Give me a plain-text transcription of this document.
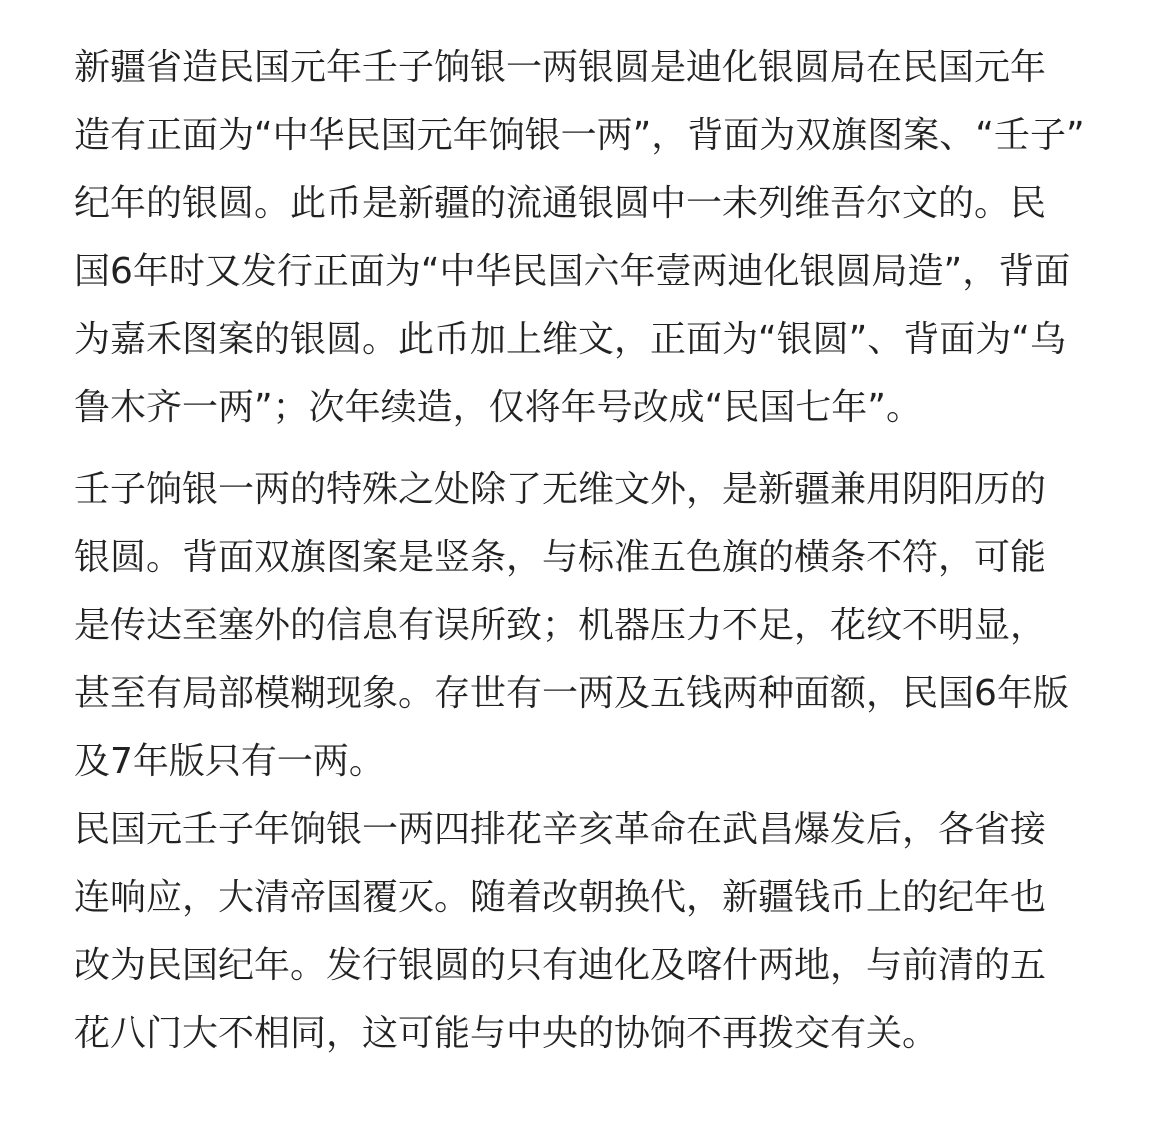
新疆省造民国元年壬子饷银一两银圆是迪化银圆局在民国元年
造有正面为“中华民国元年饷银一两”，背面为双旗图案、“壬子”
纪年的银圆。此币是新疆的流通银圆中一未列维吾尔文的。民
国6年时又发行正面为“中华民国六年壹两迪化银圆局造”，背面
为嘉禾图案的银圆。此币加上维文，正面为“银圆”、背面为“乌
鲁木齐一两”；次年续造，仅将年号改成“民国七年”。
壬子饷银一两的特殊之处除了无维文外，是新疆兼用阴阳历的
银圆。背面双旗图案是竖条，与标准五色旗的横条不符，可能
是传达至塞外的信息有误所致；机器压力不足，花纹不明显，
甚至有局部模糊现象。存世有一两及五钱两种面额，民国6年版
及7年版只有一两。
民国元壬子年饷银一两四排花辛亥革命在武昌爆发后，各省接
连响应，大清帝国覆灭。随着改朝换代，新疆钱币上的纪年也
改为民国纪年。发行银圆的只有迪化及喀什两地，与前清的五
花八门大不相同，这可能与中央的协饷不再拨交有关。
